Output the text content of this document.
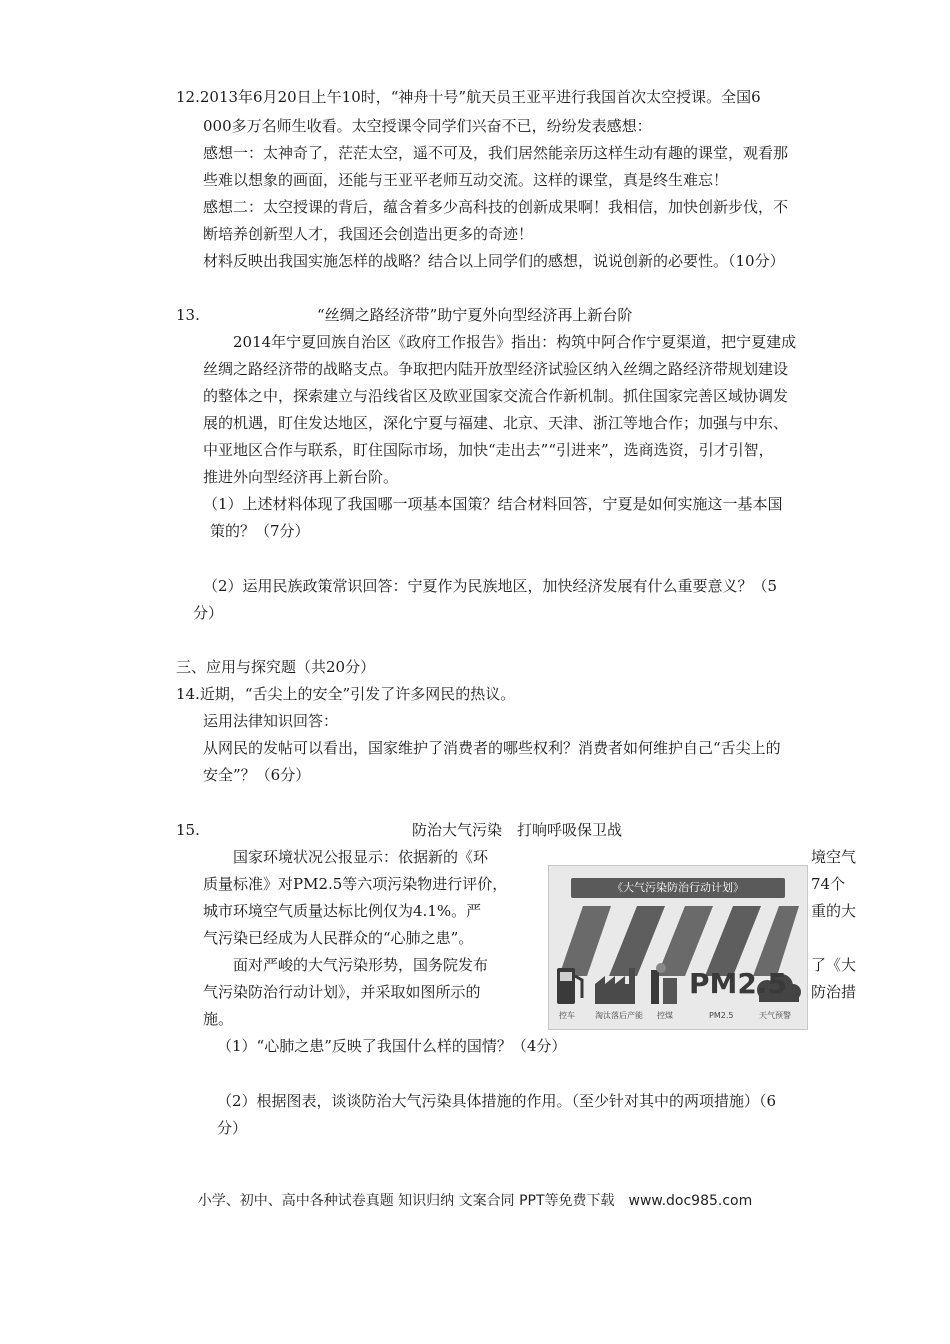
12.2013年6月20日上午10时，“神舟十号”航天员王亚平进行我国首次太空授课。全国6
000多万名师生收看。太空授课令同学们兴奋不已，纷纷发表感想：
感想一：太神奇了，茫茫太空，遥不可及，我们居然能亲历这样生动有趣的课堂，观看那
些难以想象的画面，还能与王亚平老师互动交流。这样的课堂，真是终生难忘！
感想二：太空授课的背后，蕴含着多少高科技的创新成果啊！我相信，加快创新步伐，不
断培养创新型人才，我国还会创造出更多的奇迹！
材料反映出我国实施怎样的战略？结合以上同学们的感想，说说创新的必要性。（10分）
13.	“丝绸之路经济带”助宁夏外向型经济再上新台阶
2014年宁夏回族自治区《政府工作报告》指出：构筑中阿合作宁夏渠道，把宁夏建成
丝绸之路经济带的战略支点。争取把内陆开放型经济试验区纳入丝绸之路经济带规划建设
的整体之中，探索建立与沿线省区及欧亚国家交流合作新机制。抓住国家完善区域协调发
展的机遇，盯住发达地区，深化宁夏与福建、北京、天津、浙江等地合作；加强与中东、
中亚地区合作与联系，盯住国际市场，加快“走出去”“引进来”，选商选资，引才引智，
推进外向型经济再上新台阶。
（1）上述材料体现了我国哪一项基本国策？结合材料回答，宁夏是如何实施这一基本国
策的？（7分）
（2）运用民族政策常识回答：宁夏作为民族地区，加快经济发展有什么重要意义？（5
分）
三、应用与探究题（共20分）
14.近期，“舌尖上的安全”引发了许多网民的热议。
运用法律知识回答：
从网民的发帖可以看出，国家维护了消费者的哪些权利？消费者如何维护自己“舌尖上的
安全”？（6分）
15.	防治大气污染　打响呼吸保卫战
国家环境状况公报显示：依据新的《环
质量标准》对PM2.5等六项污染物进行评价，
城市环境空气质量达标比例仅为4.1%。严
气污染已经成为人民群众的“心肺之患”。
面对严峻的大气污染形势，国务院发布
气污染防治行动计划》，并采取如图所示的
施。
境空气
74个
重的大
了《大
防治措
《大气污染防治行动计划》
PM2.5
控车	淘汰落后产能 控煤	PM2.5	天气预警
（1）“心肺之患”反映了我国什么样的国情？（4分）
（2）根据图表，谈谈防治大气污染具体措施的作用。（至少针对其中的两项措施）（6
分）
小学、初中、高中各种试卷真题 知识归纳 文案合同 PPT等免费下载　www.doc985.com
